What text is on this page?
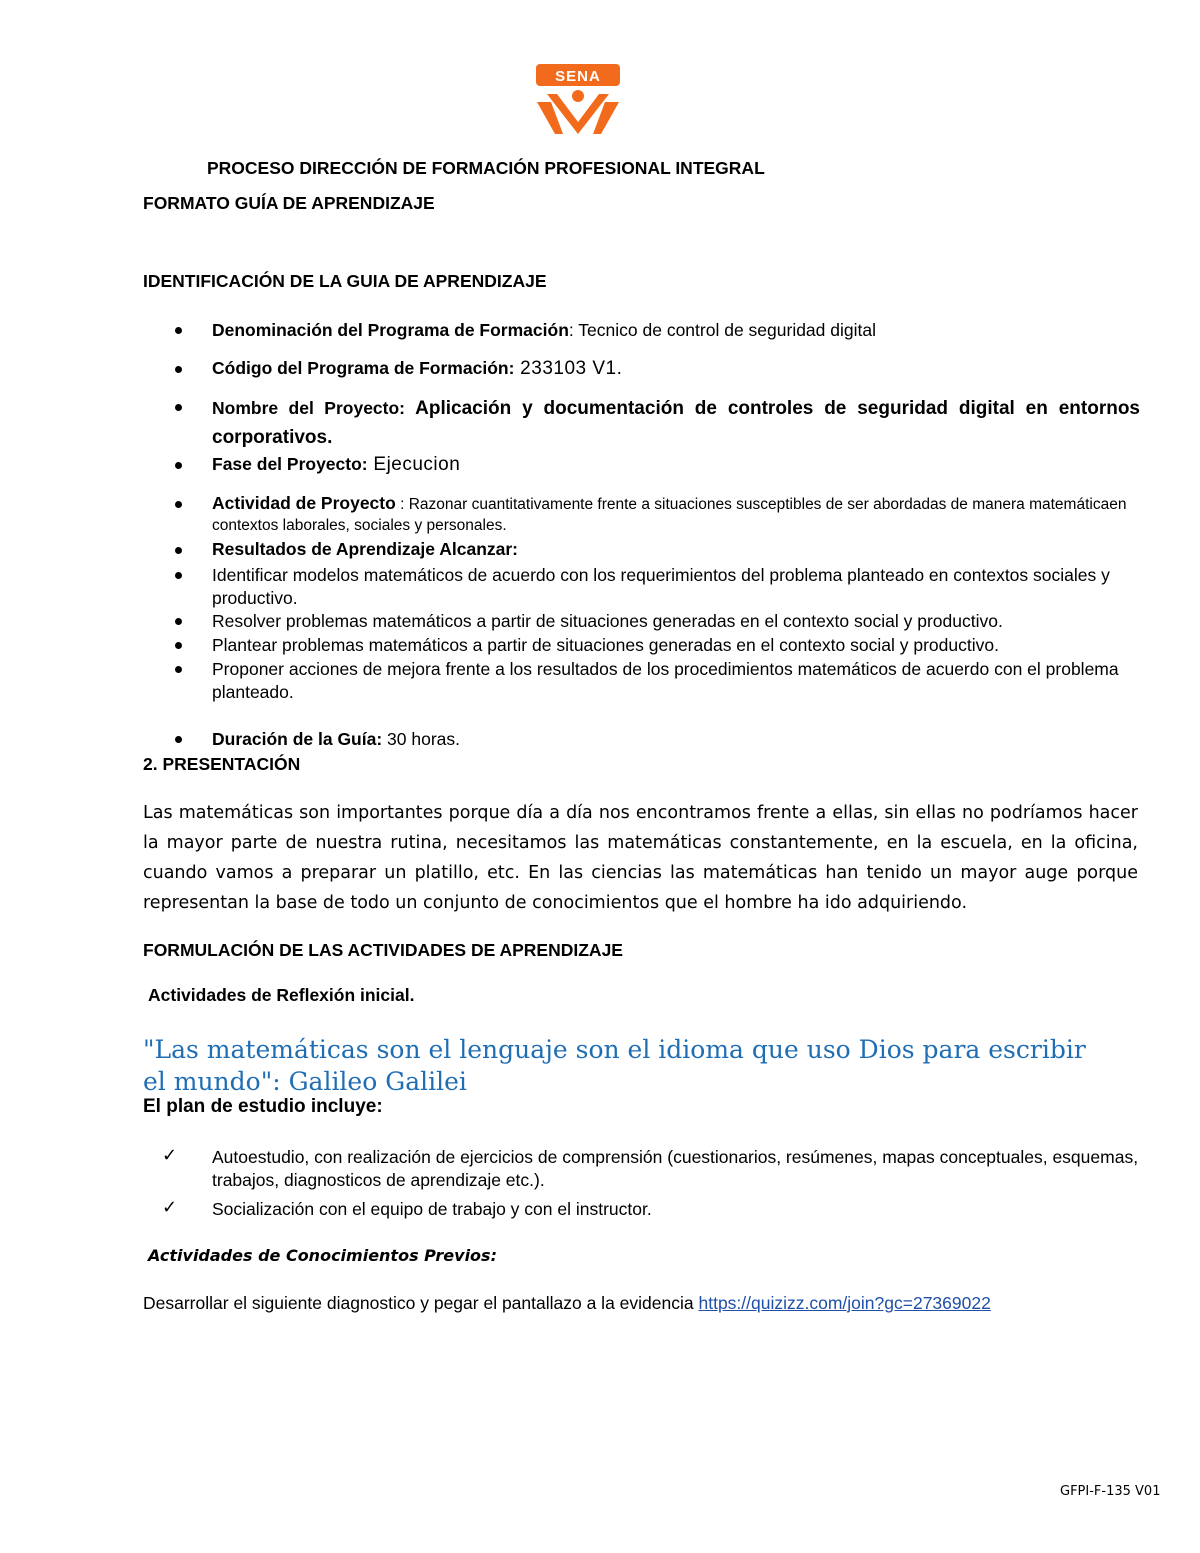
SENA
PROCESO DIRECCIÓN DE FORMACIÓN PROFESIONAL INTEGRAL
FORMATO GUÍA DE APRENDIZAJE
IDENTIFICACIÓN DE LA GUIA DE APRENDIZAJE
Denominación del Programa de Formación: Tecnico de control de seguridad digital
Código del Programa de Formación: 233103 V1.
Nombre del Proyecto: Aplicación y documentación de controles de seguridad digital en entornos corporativos.
Fase del Proyecto: Ejecucion
Actividad de Proyecto : Razonar cuantitativamente frente a situaciones susceptibles de ser abordadas de manera matemáticaen contextos laborales, sociales y personales.
Resultados de Aprendizaje Alcanzar:
Identificar modelos matemáticos de acuerdo con los requerimientos del problema planteado en contextos sociales y productivo.
Resolver problemas matemáticos a partir de situaciones generadas en el contexto social y productivo.
Plantear problemas matemáticos a partir de situaciones generadas en el contexto social y productivo.
Proponer acciones de mejora frente a los resultados de los procedimientos matemáticos de acuerdo con el problema planteado.
Duración de la Guía: 30 horas.
2. PRESENTACIÓN
Las matemáticas son importantes porque día a día nos encontramos frente a ellas, sin ellas no podríamos hacer la mayor parte de nuestra rutina, necesitamos las matemáticas constantemente, en la escuela, en la oficina, cuando vamos a preparar un platillo, etc. En las ciencias las matemáticas han tenido un mayor auge porque representan la base de todo un conjunto de conocimientos que el hombre ha ido adquiriendo.
FORMULACIÓN DE LAS ACTIVIDADES DE APRENDIZAJE
Actividades de Reflexión inicial.
"Las matemáticas son el lenguaje son el idioma que uso Dios para escribir el mundo": Galileo Galilei
El plan de estudio incluye:
✓ Autoestudio, con realización de ejercicios de comprensión (cuestionarios, resúmenes, mapas conceptuales, esquemas, trabajos, diagnosticos de aprendizaje etc.).
✓ Socialización con el equipo de trabajo y con el instructor.
Actividades de Conocimientos Previos:
Desarrollar el siguiente diagnostico y pegar el pantallazo a la evidencia https://quizizz.com/join?gc=27369022
GFPI-F-135 V01
